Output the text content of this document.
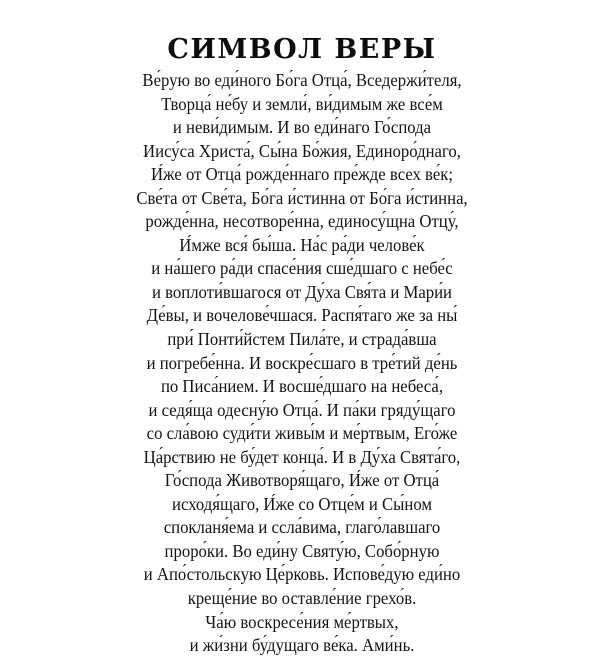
СИМВОЛ ВЕРЫ
Ве́рую во еди́ного Бо́га Отца́, Вседержи́теля,
Творца́ не́бу и земли́, ви́димым же все́м
и неви́димым. И во еди́наго Го́спода
Иису́са Христа́, Сы́на Бо́жия, Единоро́днаго,
И́же от Отца́ рожде́ннаго пре́жде всех ве́к;
Све́та от Све́та, Бо́га и́стинна от Бо́га и́стинна,
рожде́нна, несотворе́нна, единосу́щна Отцу́,
И́мже вся́ бы́ша. На́с ра́ди челове́к
и на́шего ра́ди спасе́ния сше́дшаго с небе́с
и воплоти́вшагося от Ду́ха Свя́та и Мари́и
Де́вы, и вочелове́чшася. Распя́таго же за ны́
при́ Понти́йстем Пила́те, и страда́вша
и погребе́нна. И воскре́сшаго в тре́тий де́нь
по Писа́нием. И восше́дшаго на небеса́,
и седя́ща одесну́ю Отца́. И па́ки гряду́щаго
со сла́вою суди́ти живы́м и ме́ртвым, Его́же
Ца́рствию не бу́дет конца́. И в Ду́ха Свята́го,
Го́спода Животворя́щаго, И́же от Отца́
исходя́щаго, И́же со Отце́м и Сы́ном
спокланя́ема и ссла́вима, глаго́лавшаго
проро́ки. Во еди́ну Святу́ю, Собо́рную
и Апо́стольскую Це́рковь. Испове́дую еди́но
креще́ние во оставле́ние грехо́в.
Ча́ю воскресе́ния ме́ртвых,
и жи́зни бу́дущаго ве́ка. Ами́нь.
